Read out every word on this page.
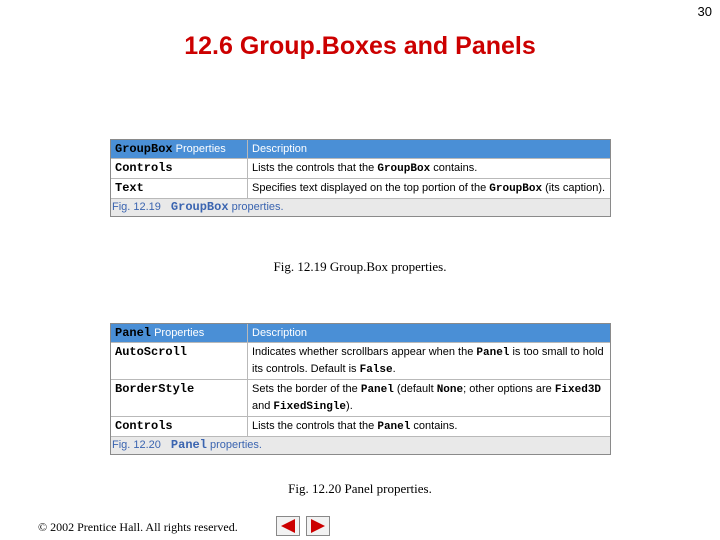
30
12.6 Group.Boxes and Panels
GroupBox Properties	Description
Controls	Lists the controls that the GroupBox contains.
Text	Specifies text displayed on the top portion of the GroupBox (its caption).
Fig. 12.19 GroupBox properties.
Fig. 12.19 Group.Box properties.
Panel Properties	Description
AutoScroll	Indicates whether scrollbars appear when the Panel is too small to hold its controls. Default is False.
BorderStyle	Sets the border of the Panel (default None; other options are Fixed3D and FixedSingle).
Controls	Lists the controls that the Panel contains.
Fig. 12.20 Panel properties.
Fig. 12.20 Panel properties.
© 2002 Prentice Hall. All rights reserved.
